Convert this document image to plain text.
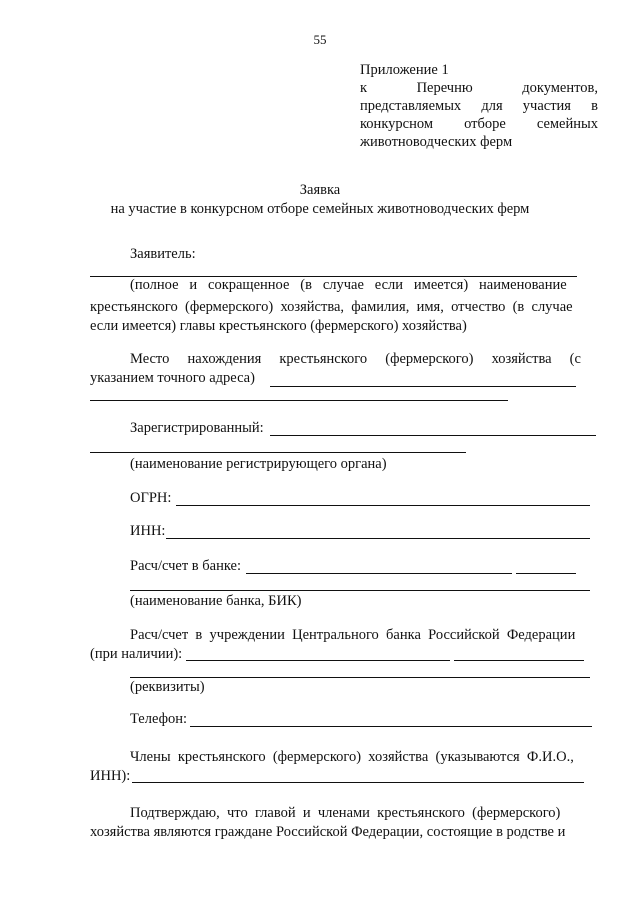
55
Приложение 1
к	Перечню	документов,
представляемых для участия в
конкурсном отборе семейных
животноводческих ферм
Заявка
на участие в конкурсном отборе семейных животноводческих ферм
Заявитель:
(полное   и   сокращенное   (в   случае   если   имеется)   наименование
крестьянского  (фермерского)  хозяйства,  фамилия,  имя,  отчество  (в  случае
если имеется) главы крестьянского (фермерского) хозяйства)
Место     нахождения     крестьянского     (фермерского)     хозяйства     (с
указанием точного адреса)
Зарегистрированный:
(наименование регистрирующего органа)
ОГРН:
ИНН:
Расч/счет в банке:
(наименование банка, БИК)
Расч/счет  в  учреждении  Центрального  банка  Российской  Федерации
(при наличии):
(реквизиты)
Телефон:
Члены  крестьянского  (фермерского)  хозяйства  (указываются  Ф.И.О.,
ИНН):
Подтверждаю,  что  главой  и  членами  крестьянского  (фермерского)
хозяйства являются граждане Российской Федерации, состоящие в родстве и
